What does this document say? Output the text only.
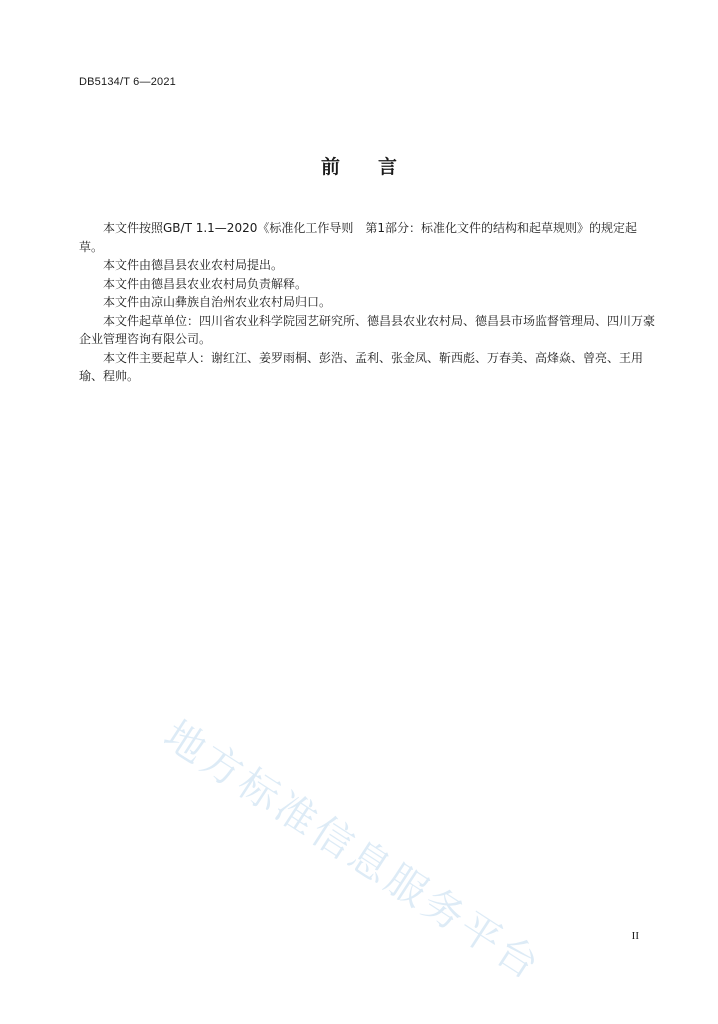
DB5134/T 6—2021
前言

本文件按照GB/T 1.1—2020《标准化工作导则　第1部分：标准化文件的结构和起草规则》的规定起草。

本文件由德昌县农业农村局提出。

本文件由德昌县农业农村局负责解释。

本文件由凉山彝族自治州农业农村局归口。

本文件起草单位：四川省农业科学院园艺研究所、德昌县农业农村局、德昌县市场监督管理局、四川万豪企业管理咨询有限公司。

本文件主要起草人：谢红江、姜罗雨桐、彭浩、孟利、张金凤、靳西彪、万春美、高烽焱、曾亮、王用瑜、程帅。

地方标准信息服务平台	II
